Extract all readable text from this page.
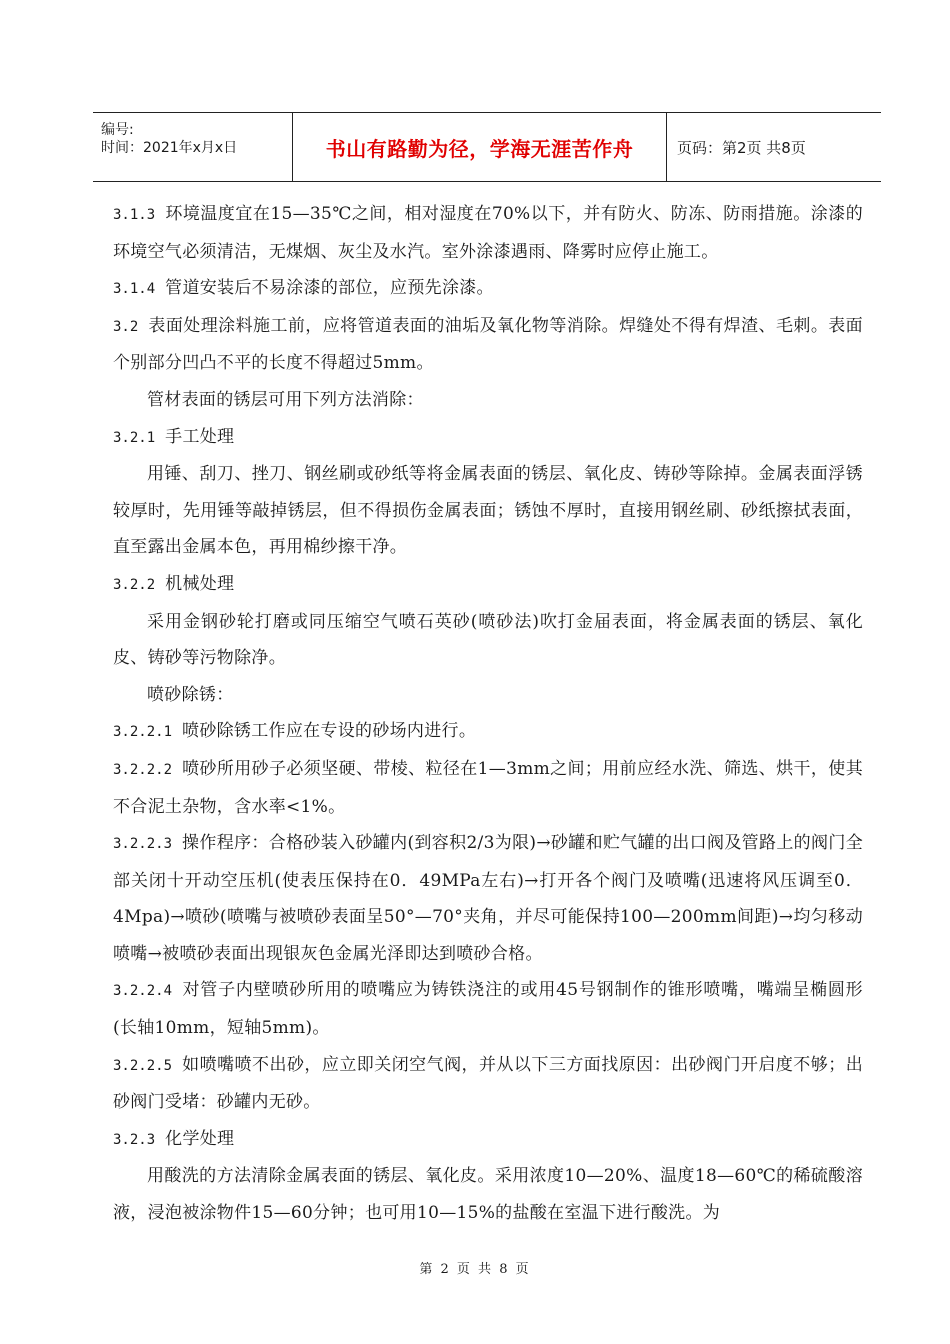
编号:
时间：2021年x月x日	书山有路勤为径，学海无涯苦作舟	页码：第2页 共8页

3.1.3 环境温度宜在15—35℃之间，相对湿度在70%以下，并有防火、防冻、防雨措施。涂漆的环境空气必须清洁，无煤烟、灰尘及水汽。室外涂漆遇雨、降雾时应停止施工。

3.1.4 管道安装后不易涂漆的部位，应预先涂漆。

3.2 表面处理涂料施工前，应将管道表面的油垢及氧化物等消除。焊缝处不得有焊渣、毛刺。表面个别部分凹凸不平的长度不得超过5mm。

管材表面的锈层可用下列方法消除：

3.2.1 手工处理

用锤、刮刀、挫刀、钢丝刷或砂纸等将金属表面的锈层、氧化皮、铸砂等除掉。金属表面浮锈较厚时，先用锤等敲掉锈层，但不得损伤金属表面；锈蚀不厚时，直接用钢丝刷、砂纸擦拭表面，直至露出金属本色，再用棉纱擦干净。

3.2.2 机械处理

采用金钢砂轮打磨或同压缩空气喷石英砂(喷砂法)吹打金届表面，将金属表面的锈层、氧化皮、铸砂等污物除净。

喷砂除锈：

3.2.2.1 喷砂除锈工作应在专设的砂场内进行。

3.2.2.2 喷砂所用砂子必须坚硬、带棱、粒径在1—3mm之间；用前应经水洗、筛选、烘干，使其不合泥土杂物，含水率<1%。

3.2.2.3 操作程序：合格砂装入砂罐内(到容积2/3为限)→砂罐和贮气罐的出口阀及管路上的阀门全部关闭十开动空压机(使表压保持在0．49MPa左右)→打开各个阀门及喷嘴(迅速将风压调至0．4Mpa)→喷砂(喷嘴与被喷砂表面呈50°—70°夹角，并尽可能保持100—200mm间距)→均匀移动喷嘴→被喷砂表面出现银灰色金属光泽即达到喷砂合格。

3.2.2.4 对管子内壁喷砂所用的喷嘴应为铸铁浇注的或用45号钢制作的锥形喷嘴，嘴端呈椭圆形(长轴10mm，短轴5mm)。

3.2.2.5 如喷嘴喷不出砂，应立即关闭空气阀，并从以下三方面找原因：出砂阀门开启度不够；出砂阀门受堵：砂罐内无砂。

3.2.3 化学处理

用酸洗的方法清除金属表面的锈层、氧化皮。采用浓度10—20%、温度18—60℃的稀硫酸溶液，浸泡被涂物件15—60分钟；也可用10—15%的盐酸在室温下进行酸洗。为

第 2 页 共 8 页
